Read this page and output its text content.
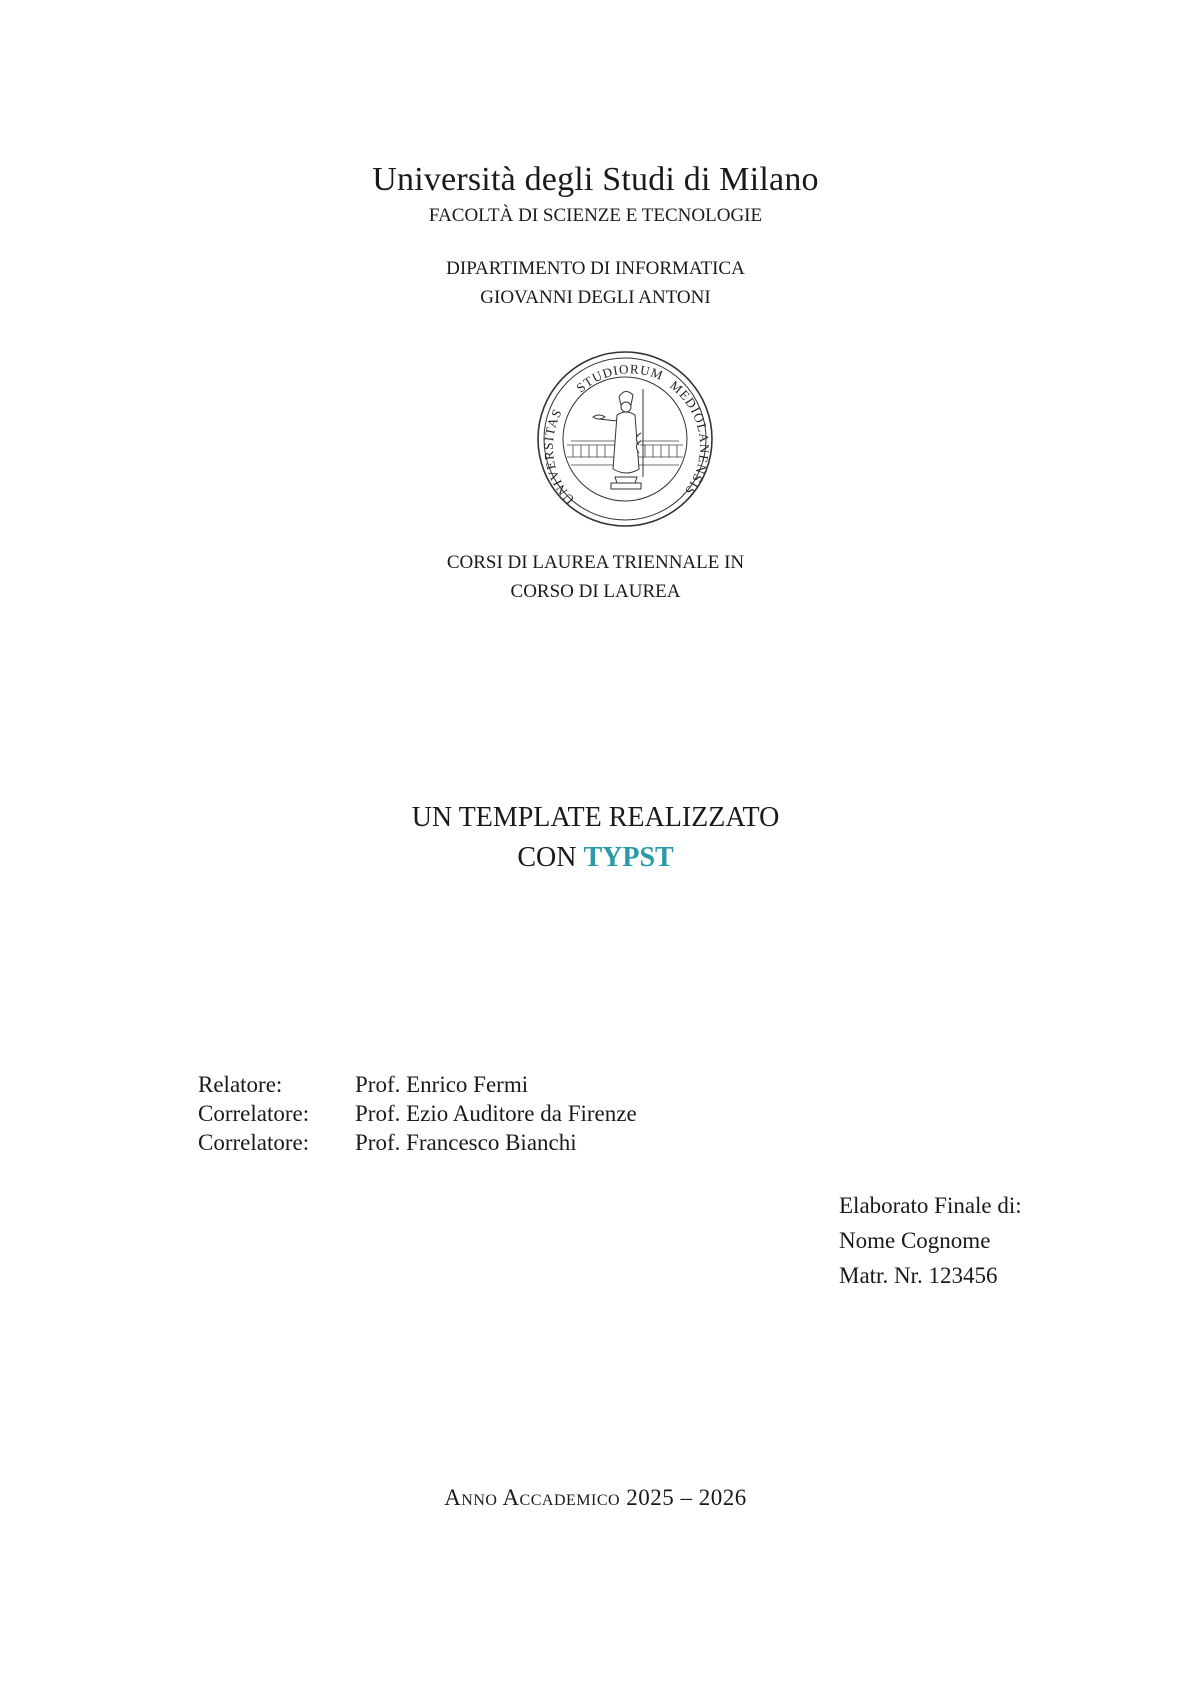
Università degli Studi di Milano
FACOLTÀ DI SCIENZE E TECNOLOGIE
DIPARTIMENTO DI INFORMATICA
GIOVANNI DEGLI ANTONI
UNIVERSITAS
STUDIORUM
MEDIOLANENSIS
CORSI DI LAUREA TRIENNALE IN
CORSO DI LAUREA
UN TEMPLATE REALIZZATO
CON TYPST
Relatore:	Prof. Enrico Fermi
Correlatore:	Prof. Ezio Auditore da Firenze
Correlatore:	Prof. Francesco Bianchi
Elaborato Finale di:
Nome Cognome
Matr. Nr. 123456
Anno Accademico 2025 – 2026
